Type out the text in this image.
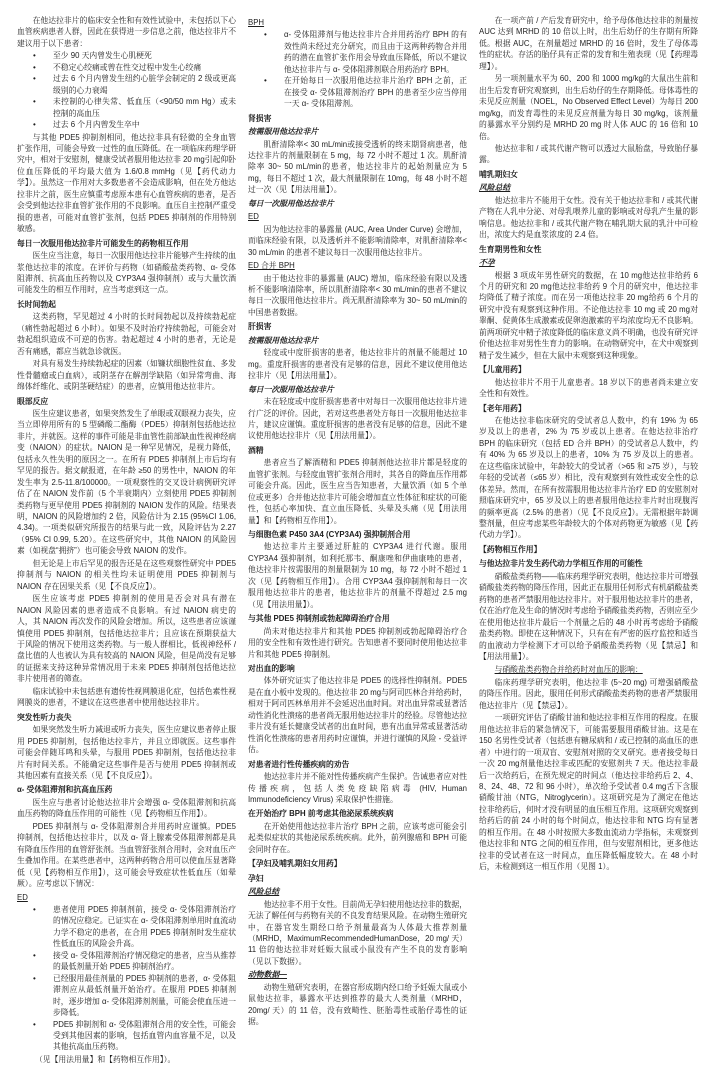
在他达拉非片的临床安全性和有效性试验中，未包括以下心血管疾病患者人群，因此在获得进一步信息之前，他达拉非片不建议用于以下患者：
•	至少 90 天内曾发生心肌梗死
•	不稳定心绞痛或曾在性交过程中发生心绞痛
•	过去 6 个月内曾发生纽约心脏学会制定的 2 级或更高级别的心力衰竭
•	未控制的心律失常、低血压（<90/50 mm Hg）或未控制的高血压
•	过去 6 个月内曾发生卒中
与其他 PDE5 抑制剂相同，他达拉非具有轻微的全身血管扩张作用，可能会导致一过性的血压降低。在一项临床药理学研究中，相对于安慰剂，健康受试者服用他达拉非 20 mg引起仰卧位血压降低的平均最大值为 1.6/0.8 mmHg（见【药代动力学】）。虽然这一作用对大多数患者不会造成影响，但在处方他达拉非片之前，医生应慎重考虑原本患有心血管疾病的患者，是否会受到他达拉非血管扩张作用的不良影响。血压自主控制严重受损的患者，可能对血管扩张剂，包括 PDE5 抑制剂的作用特别敏感。
每日一次服用他达拉非片可能发生的药物相互作用
医生应当注意，每日一次服用他达拉非片能够产生持续的血浆他达拉非的浓度。在评价与药物（如硝酸盐类药物、α- 受体阻滞剂、抗高血压药物以及 CYP3A4 强抑制剂）或与大量饮酒可能发生的相互作用时，应当考虑到这一点。
长时间勃起
这类药物，罕见超过 4 小时的长时间勃起以及持续勃起症（痛性勃起超过 6 小时）。如果不及时治疗持续勃起，可能会对勃起组织造成不可逆的伤害。勃起超过 4 小时的患者，无论是否有痛感，都应当就急诊就医。
对具有易发生持续勃起症的因素（如镰状细胞性贫血、多发性骨髓瘤或白血病），或阴茎存在解剖学缺陷（如异常弯曲、海绵体纤维化、或阴茎硬结症）的患者，应慎用他达拉非片。
眼部反应
医生应建议患者，如果突然发生了单眼或双眼视力丧失，应当立即停用所有的 5 型磷酸二酯酶（PDE5）抑制剂包括他达拉非片，并就医。这样的事件可能是非血管性前部缺血性视神经病变（NAION）的症状。NAION 是一种罕见情况，是视力降低，包括永久性失明的原因之一。在所有 PDE5 抑制剂上市后均有罕见的报告。据文献报道，在年龄 ≥50 的男性中，NAION 的年发生率为 2.5-11.8/100000。一项观察性的交叉设计病例研究评估了在 NAION 发作前（5 个半衰期内）立刻使用 PDE5 抑制剂类药物与更早使用 PDE5 抑制剂的 NAION 发作的风险。结果表明，NAION 的风险增加约 2 倍，风险估计为 2.15 (95%CI 1.06, 4.34)。一项类似研究所报告的结果与此一致，风险评估为 2.27（95% CI 0.99, 5.20）。在这些研究中，其他 NAION 的风险因素（如视盘“拥挤”）也可能会导致 NAION 的发作。
但无论是上市后罕见的报告还是在这些观察性研究中 PDE5 抑制剂与 NAION 的相关性均未证明使用 PDE5 抑制剂与 NAION 存在因果关系（见【不良反应】）。
医生应该考虑 PDE5 抑制剂的使用是否会对具有潜在 NAION 风险因素的患者造成不良影响。有过 NAION 病史的人，其 NAION 再次发作的风险会增加。所以，这些患者应该谨慎使用 PDE5 抑制剂，包括他达拉非片；且应该在预期获益大于风险的情况下使用这类药物。与一般人群相比，低视神经杯 / 盘比值的人也被认为具有较高的 NAION 风险，但是尚没有足够的证据来支持这种异常情况用于未来 PDE5 抑制剂包括他达拉非片使用者的筛查。
临床试验中未包括患有遗传性视网膜退化症，包括色素性视网膜炎的患者，不建议在这些患者中使用他达拉非片。
突发性听力丧失
如果突然发生听力减退或听力丧失，医生应建议患者停止服用 PDE5 抑制剂，包括他达拉非片，并且立即就医。这些事件可能会伴随耳鸣和头晕，与服用 PDE5 抑制剂，包括他达拉非片有时间关系。不能确定这些事件是否与使用 PDE5 抑制剂或其他因素有直接关系（见【不良反应】）。
α- 受体阻滞剂和抗高血压药
医生应与患者讨论他达拉非片会增强 α- 受体阻滞剂和抗高血压药物的降血压作用的可能性（见【药物相互作用】）。
PDE5 抑制剂与 α- 受体阻滞剂合并用药时应谨慎。PDE5 抑制剂，包括他达拉非片，以及 α- 肾上腺素受体阻滞剂都是具有降血压作用的血管舒张剂。当血管舒张剂合用时，会对血压产生叠加作用。在某些患者中，这两种药物合用可以使血压显著降低（见【药物相互作用】），这可能会导致症状性低血压（如晕厥）。应考虑以下情况：
ED
•	患者使用 PDE5 抑制剂前，接受 α- 受体阻滞剂治疗的情况应稳定。已证实在 α- 受体阻滞剂单用时血流动力学不稳定的患者，在合用 PDE5 抑制剂时发生症状性低血压的风险会升高。
•	接受 α- 受体阻滞剂治疗情况稳定的患者，应当从推荐的最低剂量开始 PDE5 抑制剂治疗。
•	已经服用最佳剂量的 PDE5 抑制剂的患者，α- 受体阻滞剂应从最低剂量开始治疗。在服用 PDE5 抑制剂时，逐步增加 α- 受体阻滞剂剂量，可能会使血压进一步降低。
•	PDE5 抑制剂和 α- 受体阻滞剂合用的安全性，可能会受到其他因素的影响，包括血管内血容量不足，以及其他抗高血压药物。
（见【用法用量】和【药物相互作用】）。
BPH
•	α- 受体阻滞剂与他达拉非片合并用药治疗 BPH 的有效性尚未经过充分研究，而且由于这两种药物合并用药的潜在血管扩张作用会导致血压降低，所以不建议他达拉非片与 α- 受体阻滞剂联合用药治疗 BPH。
•	在开始每日一次服用他达拉非片治疗 BPH 之前，正在接受 α- 受体阻滞剂治疗 BPH 的患者至少应当停用一天 α- 受体阻滞剂。
肾损害
按需服用他达拉非片
肌酐清除率< 30 mL/min或接受透析的终末期肾病患者，他达拉非片的剂量限制在 5 mg，每 72 小时不超过 1 次。肌酐清除率 30~ 50 mL/min的患者，他达拉非片的起始剂量应为 5 mg，每日不超过 1 次，最大剂量限制在 10mg，每 48 小时不超过一次（见【用法用量】）。
每日一次服用他达拉非片
ED
因为他达拉非的暴露量 (AUC, Area Under Curve) 会增加，而临床经验有限，以及透析并不能影响清除率，对肌酐清除率< 30 mL/min 的患者不建议每日一次服用他达拉非片。
ED 合并 BPH
由于他达拉非的暴露量 (AUC) 增加，临床经验有限以及透析不能影响清除率，所以肌酐清除率< 30 mL/min的患者不建议每日一次服用他达拉非片。尚无肌酐清除率为 30~ 50 mL/min的中国患者数据。
肝损害
按需服用他达拉非片
轻度或中度肝损害的患者，他达拉非片的剂量不能超过 10 mg。重度肝损害的患者没有足够的信息，因此不建议使用他达拉非片（见【用法用量】）。
每日一次服用他达拉非片
未在轻度或中度肝损害患者中对每日一次服用他达拉非片进行广泛的评价。因此，若对这些患者处方每日一次服用他达拉非片，建议应谨慎。重度肝损害的患者没有足够的信息，因此不建议使用他达拉非片（见【用法用量】）。
酒精
患者应当了解酒精和 PDE5 抑制剂他达拉非片都是轻度的血管扩张剂。与轻度血管扩张剂合用时，其各自的降血压作用都可能会升高。因此，医生应当告知患者，大量饮酒（如 5 个单位或更多）合并他达拉非片可能会增加直立性体征和症状的可能性，包括心率加快、直立血压降低、头晕及头痛（见【用法用量】和【药物相互作用】）。
与细胞色素 P450 3A4 (CYP3A4) 强抑制剂合用
他达拉非片主要通过肝脏的 CYP3A4 进行代谢。服用 CYP3A4 强抑制剂，如利托那韦、酮康唑和伊曲康唑的患者，他达拉非片按需服用的剂量限制为 10 mg，每 72 小时不超过 1 次（见【药物相互作用】）。合用 CYP3A4 强抑制剂和每日一次服用他达拉非片的患者，他达拉非片的剂量不得超过 2.5 mg（见【用法用量】）。
与其他 PDE5 抑制剂或勃起障碍治疗合用
尚未对他达拉非片和其他 PDE5 抑制剂或勃起障碍治疗合用的安全性和有效性进行研究。告知患者不要同时使用他达拉非片和其他 PDE5 抑制剂。
对出血的影响
体外研究证实了他达拉非是 PDE5 的选择性抑制剂。PDE5 是在血小板中发现的。他达拉非 20 mg与阿司匹林合并给药时，相对于阿司匹林单用并不会延迟出血时间。对出血异常或显著活动性消化性溃疡的患者尚无服用他达拉非片的经验。尽管他达拉非片没有延长健康受试者的出血时间，患有出血异常或显著活动性消化性溃疡的患者用药时应谨慎，并进行谨慎的风险 - 受益评估。
对患者进行性传播疾病的劝告
他达拉非片并不能对性传播疾病产生保护。告诫患者应对性传播疾病，包括人类免疫缺陷病毒 (HIV, Human Immunodeficiency Virus) 采取保护性措施。
在开始治疗 BPH 前考虑其他泌尿系统疾病
在开始使用他达拉非片治疗 BPH 之前，应该考虑可能会引起类似症状的其他泌尿系统疾病。此外，前列腺癌和 BPH 可能会同时存在。
【孕妇及哺乳期妇女用药】
孕妇
风险总结
他达拉非不用于女性。目前尚无孕妇使用他达拉非的数据，无法了解任何与药物有关的不良发育结果风险。在动物生殖研究中，在器官发生期经口给予剂量最高为人体最大推荐剂量（MRHD，MaximumRecommendedHumanDose，20 mg/ 天）11 倍的他达拉非对妊娠大鼠或小鼠没有产生不良的发育影响（见以下数据）。
动物数据—
动物生殖研究表明，在器官形成期内经口给予妊娠大鼠或小鼠他达拉非，暴露水平达到推荐的最大人类剂量（MRHD，20mg/ 天）的 11 倍，没有致畸性、胚胎毒性或胎仔毒性的证据。
在一项产前 / 产后发育研究中，给予母体他达拉非的剂量按 AUC 达到 MRHD 的 10 倍以上时，出生后幼仔的生存期有所降低。根据 AUC，在剂量超过 MRHD 的 16 倍时，发生了母体毒性的症状。存活的胎仔具有正常的发育和生殖表现（见【药理毒理】）。
另一项剂量水平为 60、200 和 1000 mg/kg的大鼠出生前和出生后发育研究观察到，出生后幼仔的生存期降低。母体毒性的未见反应剂量（NOEL，No Observed Effect Level）为每日 200 mg/kg，而发育毒性的未见反应剂量为每日 30 mg/kg，该剂量的暴露水平分别约是 MRHD 20 mg 时人体 AUC 的 16 倍和 10 倍。
他达拉非和 / 或其代谢产物可以透过大鼠胎盘，导致胎仔暴露。
哺乳期妇女
风险总结
他达拉非片不能用于女性。没有关于他达拉非和 / 或其代谢产物在人乳中分泌、对母乳喂养儿童的影响或对母乳产生量的影响信息。他达拉非和 / 或其代谢产物在哺乳期大鼠的乳汁中可检出，浓度大约是血浆浓度的 2.4 倍。
生育期男性和女性
不孕
根据 3 项成年男性研究的数据，在 10 mg他达拉非给药 6 个月的研究和 20 mg他达拉非给药 9 个月的研究中，他达拉非均降低了精子浓度。而在另一项他达拉非 20 mg给药 6 个月的研究中没有观察到这种作用。不论他达拉非 10 mg 或 20 mg对睾酮、促黄体生成激素或促卵泡激素的平均浓度均无不良影响。前两项研究中精子浓度降低的临床意义尚不明确，也没有研究评价他达拉非对男性生育力的影响。在动物研究中，在犬中观察到精子发生减少，但在大鼠中未观察到这种现象。
【儿童用药】
他达拉非片不用于儿童患者。18 岁以下的患者尚未建立安全性和有效性。
【老年用药】
在他达拉非临床研究的受试者总人数中，约有 19% 为 65 岁及以上的患者，2% 为 75 岁或以上患者。在他达拉非治疗 BPH 的临床研究（包括 ED 合并 BPH）的受试者总人数中，约有 40% 为 65 岁及以上的患者，10% 为 75 岁及以上的患者。在这些临床试验中，年龄较大的受试者（>65 和 ≥75 岁），与较年轻的受试者（≤65 岁）相比，没有观察到有效性或安全性的总体差异。然而，在所有按需服用他达拉非片治疗 ED 的安慰剂对照临床研究中，65 岁及以上的患者服用他达拉非片时出现腹泻的频率更高（2.5% 的患者）（见【不良反应】）。无需根据年龄调整剂量，但应考虑某些年龄较大的个体对药物更为敏感（见【药代动力学】）。
【药物相互作用】
与他达拉非片发生药代动力学相互作用的可能性
硝酸盐类药物——临床药理学研究表明，他达拉非片可增强硝酸盐类药物的降压作用，因此正在服用任何形式有机硝酸盐类药物的患者严禁服用他达拉非片。对于服用他达拉非片的患者，仅在治疗危及生命的情况时考虑给予硝酸盐类药物，否则应至少在使用他达拉非片最后一个剂量之后的 48 小时再考虑给予硝酸盐类药物。即使在这种情况下，只有在有严密的医疗监控和适当的血液动力学检测下才可以给予硝酸盐类药物（见【禁忌】和【用法用量】）。
与硝酸盐类药物合并给药时对血压的影响：
临床药理学研究表明，他达拉非 (5~20 mg) 可增强硝酸盐的降压作用。因此，服用任何形式硝酸盐类药物的患者严禁服用他达拉非片（见【禁忌】）。
一项研究评估了硝酸甘油和他达拉非相互作用的程度。在服用他达拉非后的紧急情况下，可能需要服用硝酸甘油。这是在 150 名男性受试者（包括患有糖尿病和 / 或已控制的高血压的患者）中进行的一项双盲、安慰剂对照的交叉研究。患者接受每日一次 20 mg剂量他达拉非或匹配的安慰剂共 7 天。他达拉非最后一次给药后，在预先规定的时间点（他达拉非给药后 2、4、8、24、48、72 和 96 小时），单次给予受试者 0.4 mg舌下含服硝酸甘油（NTG，Nitroglycerin）。这项研究是为了测定在他达拉非给药后，何时才没有明显的血压相互作用。这项研究观察到给药后的前 24 小时的每个时间点，他达拉非和 NTG 均有显著的相互作用。在 48 小时按照大多数血流动力学指标，未观察到他达拉非和 NTG 之间的相互作用，但与安慰剂相比，更多他达拉非的受试者在这一时间点，血压降低幅度较大。在 48 小时后，未检测到这一相互作用（见图 1）。
